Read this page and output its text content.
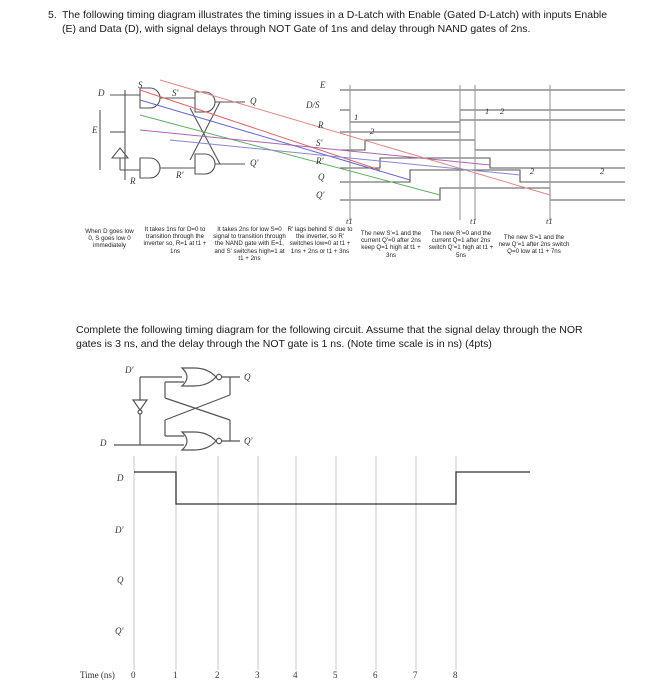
5. The following timing diagram illustrates the timing issues in a D-Latch with Enable (Gated D-Latch) with inputs Enable (E) and Data (D), with signal delays through NOT Gate of 1ns and delay through NAND gates of 2ns.
D
E
S
S'
R
R'
Q
Q'
E
D/S
R
S'
R'
Q
Q'
1
2
1 2
2	2
t1	t1	t1
When D goes low 0, S goes low 0 immediately
It takes 1ns for D=0 to transition through the inverter so, R=1 at t1 + 1ns
It takes 2ns for low S=0 signal to transition through the NAND gate with E=1, and S' switches high=1 at t1 + 2ns
R' lags behind S' due to the inverter, so R' switches low=0 at t1 + 1ns + 2ns or t1 + 3ns
The new S'=1 and the current Q'=0 after 2ns keep Q=1 high at t1 + 3ns
The new R'=0 and the current Q=1 after 2ns switch Q'=1 high at t1 + 5ns
The new S'=1 and the new Q'=1 after 2ns switch Q=0 low at t1 + 7ns
Complete the following timing diagram for the following circuit. Assume that the signal delay through the NOR gates is 3 ns, and the delay through the NOT gate is 1 ns. (Note time scale is in ns) (4pts)
D'
D
Q
Q'
D
D'
Q
Q'
Time (ns) 0	1	2	3	4	5	6	7	8
